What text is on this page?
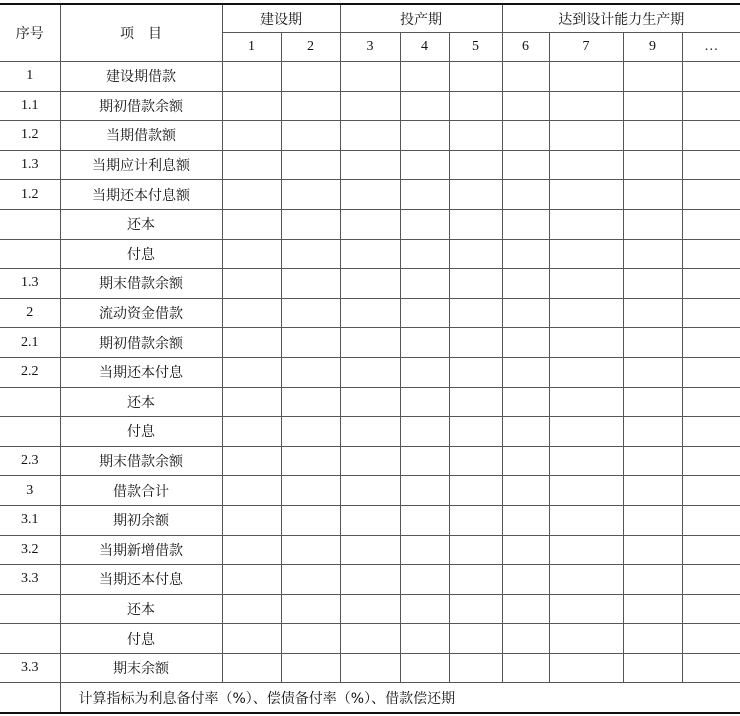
序号	项　目	建设期		投产期			达到设计能力生产期			
		1	2	3	4	5	6	7	9	…
1	建设期借款									
1.1	期初借款余额									
1.2	当期借款额									
1.3	当期应计利息额									
1.2	当期还本付息额									
	还本									
	付息									
1.3	期末借款余额									
2	流动资金借款									
2.1	期初借款余额									
2.2	当期还本付息									
	还本									
	付息									
2.3	期末借款余额									
3	借款合计									
3.1	期初余额									
3.2	当期新增借款									
3.3	当期还本付息									
	还本									
	付息									
3.3	期末余额									
	计算指标为利息备付率（%）、偿债备付率（%）、借款偿还期									
